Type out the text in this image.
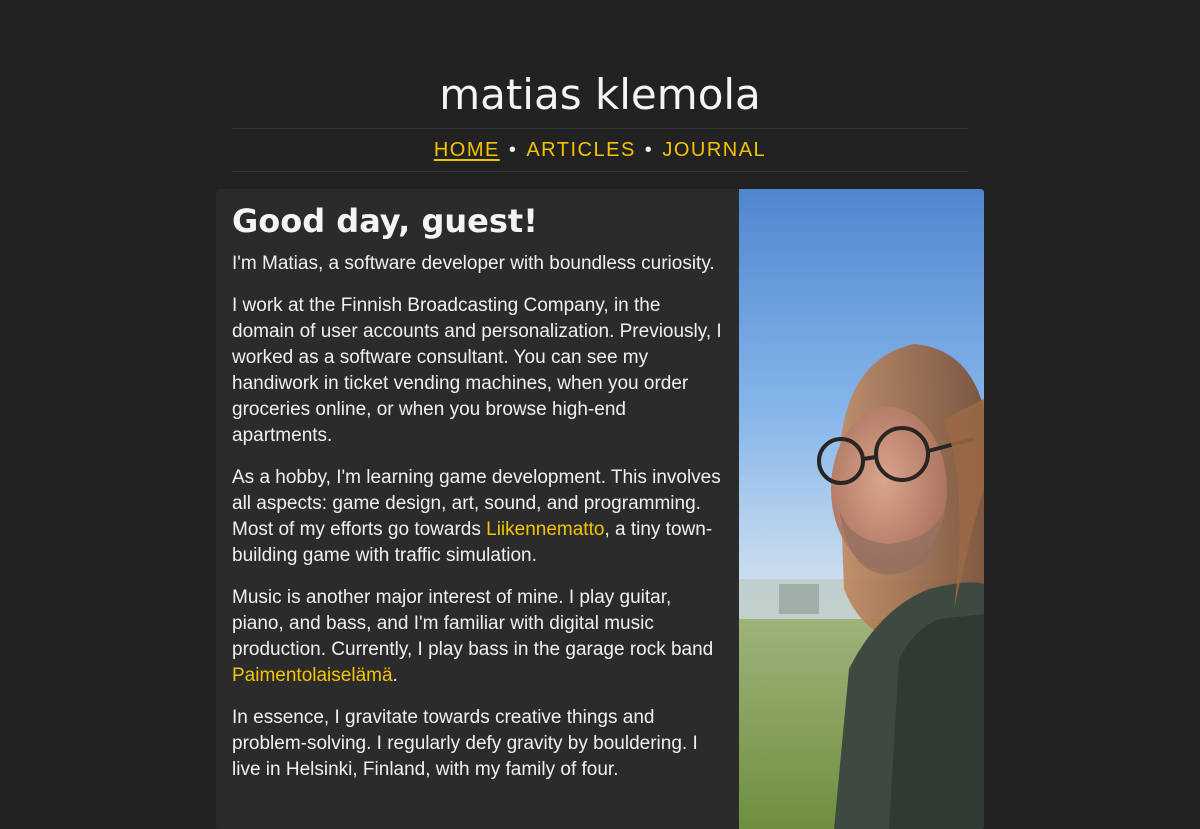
matias klemola
HOME • ARTICLES • JOURNAL
Good day, guest!

I'm Matias, a software developer with boundless curiosity.

I work at the Finnish Broadcasting Company, in the domain of user accounts and personalization. Previously, I worked as a software consultant. You can see my handiwork in ticket vending machines, when you order groceries online, or when you browse high-end apartments.

As a hobby, I'm learning game development. This involves all aspects: game design, art, sound, and programming. Most of my efforts go towards Liikennematto, a tiny town-building game with traffic simulation.

Music is another major interest of mine. I play guitar, piano, and bass, and I'm familiar with digital music production. Currently, I play bass in the garage rock band Paimentolaiselämä.

In essence, I gravitate towards creative things and problem-solving. I regularly defy gravity by bouldering. I live in Helsinki, Finland, with my family of four.
